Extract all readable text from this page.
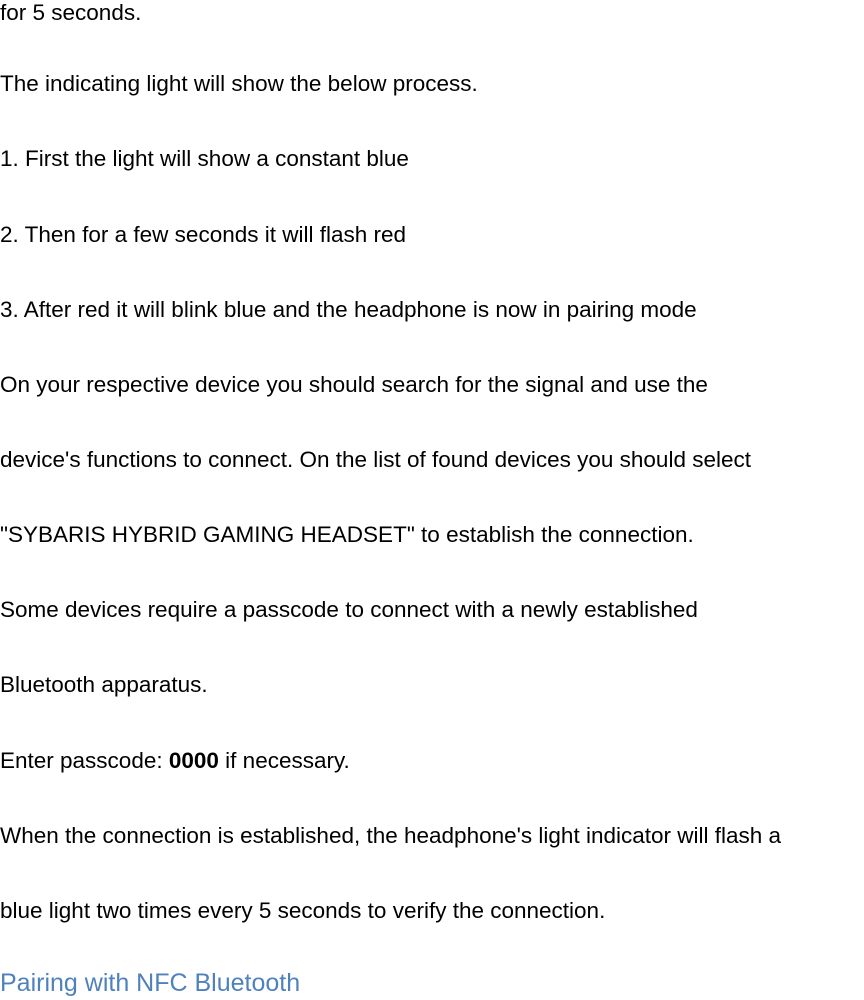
for 5 seconds.
The indicating light will show the below process.
1. First the light will show a constant blue
2. Then for a few seconds it will flash red
3. After red it will blink blue and the headphone is now in pairing mode
On your respective device you should search for the signal and use the
device's functions to connect. On the list of found devices you should select
"SYBARIS HYBRID GAMING HEADSET" to establish the connection.
Some devices require a passcode to connect with a newly established
Bluetooth apparatus.
Enter passcode: 0000 if necessary.
When the connection is established, the headphone's light indicator will flash a
blue light two times every 5 seconds to verify the connection.
Pairing with NFC Bluetooth
